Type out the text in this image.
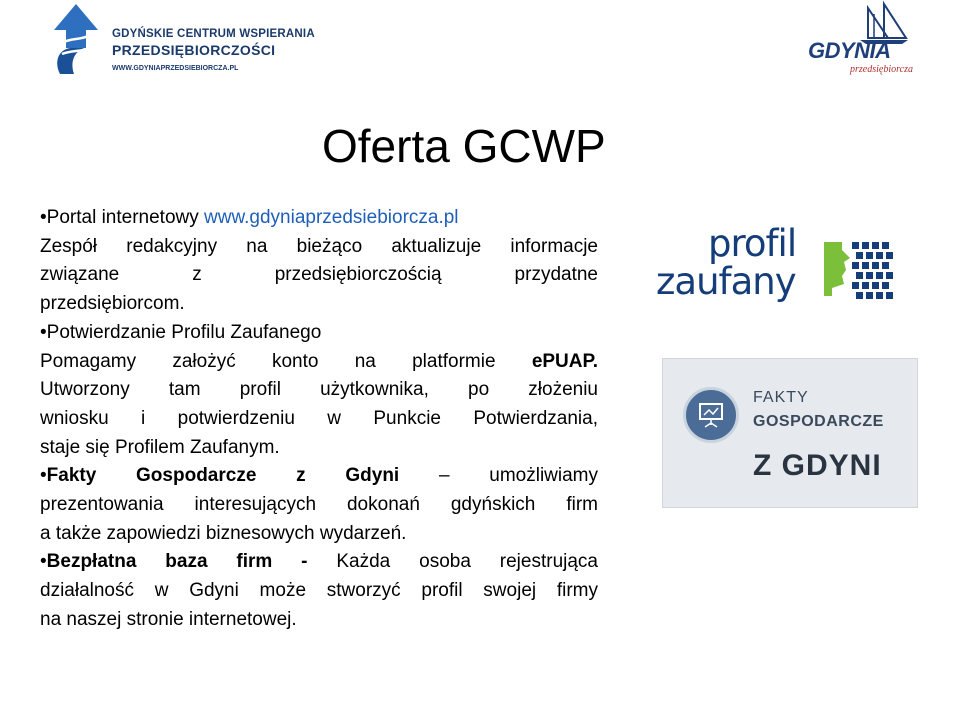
GDYŃSKIE CENTRUM WSPIERANIA
PRZEDSIĘBIORCZOŚCI
WWW.GDYNIAPRZEDSIEBIORCZA.PL
GDYNIA
przedsiębiorcza
Oferta GCWP

• Portal internetowy www.gdyniaprzedsiebiorcza.pl

Zespół redakcyjny na bieżąco aktualizuje informacje

związane z przedsiębiorczością przydatne

przedsiębiorcom.

• Potwierdzanie Profilu Zaufanego

Pomagamy założyć konto na platformie ePUAP.

Utworzony tam profil użytkownika, po złożeniu

wniosku i potwierdzeniu w Punkcie Potwierdzania,

staje się Profilem Zaufanym.

• Fakty Gospodarcze z Gdyni – umożliwiamy

prezentowania interesujących dokonań gdyńskich firm

a także zapowiedzi biznesowych wydarzeń.

• Bezpłatna baza firm - Każda osoba rejestrująca

działalność w Gdyni może stworzyć profil swojej firmy

na naszej stronie internetowej.

profil
zaufany
FAKTY
GOSPODARCZE
Z GDYNI
